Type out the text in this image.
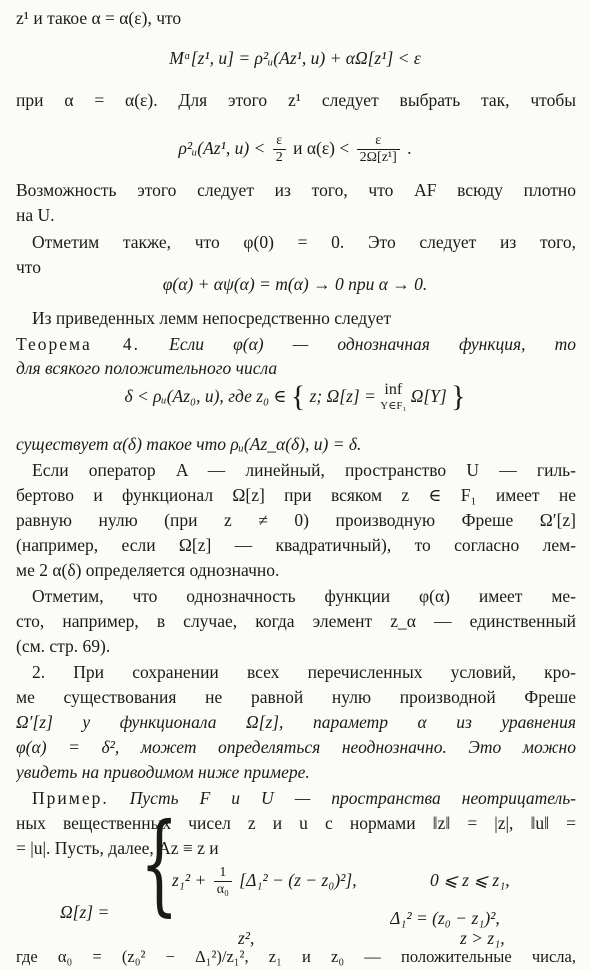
z¹ и такое α = α(ε), что
Mᵅ[z¹, u] = ρ²ᵤ(Az¹, u) + αΩ[z¹] < ε
при α = α(ε). Для этого z¹ следует выбрать так, чтобы
ρ²ᵤ(Az¹, $u) < \frac{\varepsilon}{2}$ и $\alpha(\varepsilon) < \frac{\varepsilon}{\text{2Ω[z¹]}}$ .
Возможность этого следует из того, что AF всюду плотно
на U.
Отметим также, что φ(0) = 0. Это следует из того,
что
φ(α) + αψ(α) = m(α) → 0 при α → 0.
Из приведенных лемм непосредственно следует
Теорема 4. Если φ(α) — однозначная функция, то
для всякого положительного числа
δ < ρᵤ(Az₀, u), где z₀ ∈ { z; Ω[z] = inf
Y∈F₁ Ω[Y] }
существует α(δ) такое что ρᵤ(Az_α(δ), u) = δ.
Если оператор A — линейный, пространство U — гиль-
бертово и функционал Ω[z] при всяком z ∈ F₁ имеет не
равную нулю (при z ≠ 0) производную Фреше Ω′[z]
(например, если Ω[z] — квадратичный), то согласно лем-
ме 2 α(δ) определяется однозначно.
Отметим, что однозначность функции φ(α) имеет ме-
сто, например, в случае, когда элемент z_α — единственный
(см. стр. 69).
2. При сохранении всех перечисленных условий, кро-
ме существования не равной нулю производной Фреше
Ω′[z] у функционала Ω[z], параметр α из уравнения
φ(α) = δ², может определяться неоднозначно. Это можно
увидеть на приводимом ниже примере.
Пример. Пусть F и U — пространства неотрицатель-
ных вещественных чисел z и u с нормами ‖z‖ = |z|, ‖u‖ =
= |u|. Пусть, далее, Az ≡ z и
Ω[z] = {
$z_1^2 + \frac{1}{\text{α₀}} [\Delta_1^2 - (z - z_0)^2]$,	0 ⩽ z ⩽ z₁,
Δ₁² = (z₀ − z₁)²,
z²,	z > z₁,
где α₀ = (z₀² − Δ₁²)/z₁², z₁ и z₀ — положительные числа,
